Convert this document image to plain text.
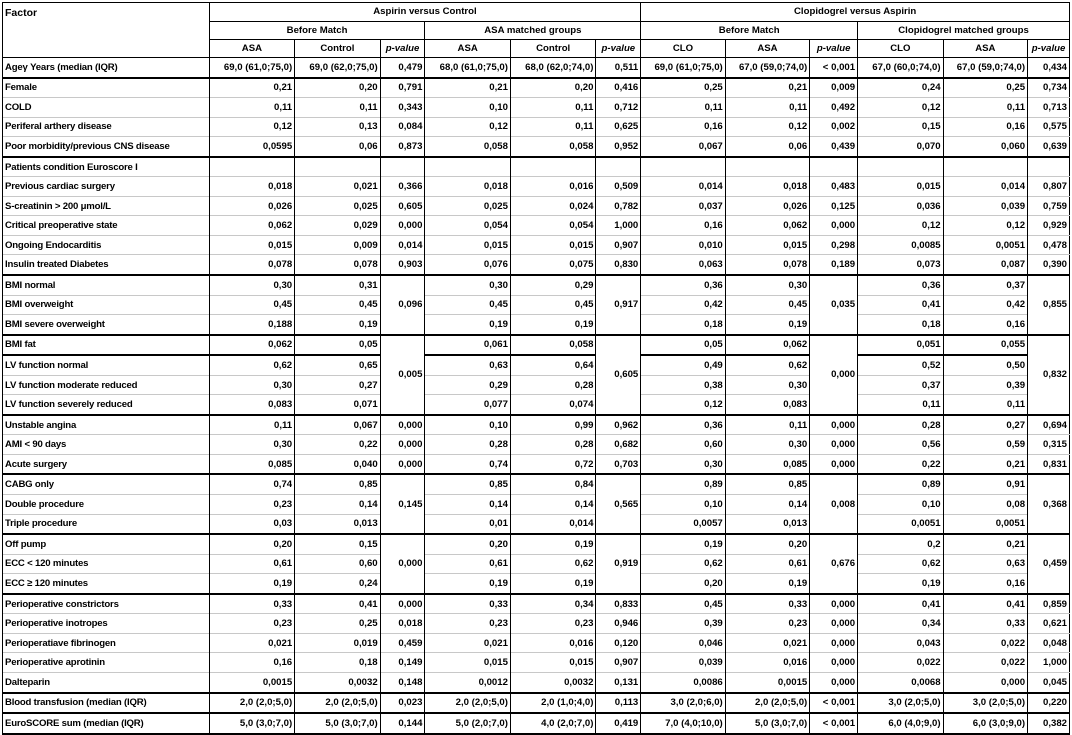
Factor	Aspirin versus Control						Clopidogrel versus Aspirin					
	Before Match			ASA matched groups			Before Match			Clopidogrel matched groups		
	ASA	Control	p-value	ASA	Control	p-value	CLO	ASA	p-value	CLO	ASA	p-value
Ageγ Years (median (IQR)	69,0 (61,0;75,0)	69,0 (62,0;75,0)	0,479	68,0 (61,0;75,0)	68,0 (62,0;74,0)	0,511	69,0 (61,0;75,0)	67,0 (59,0;74,0)	< 0,001	67,0 (60,0;74,0)	67,0 (59,0;74,0)	0,434
Female	0,21	0,20	0,791	0,21	0,20	0,416	0,25	0,21	0,009	0,24	0,25	0,734
COLD	0,11	0,11	0,343	0,10	0,11	0,712	0,11	0,11	0,492	0,12	0,11	0,713
Periferal arthery disease	0,12	0,13	0,084	0,12	0,11	0,625	0,16	0,12	0,002	0,15	0,16	0,575
Poor morbidity/previous CNS disease	0,0595	0,06	0,873	0,058	0,058	0,952	0,067	0,06	0,439	0,070	0,060	0,639
Patients condition Euroscore I												
Previous cardiac surgery	0,018	0,021	0,366	0,018	0,016	0,509	0,014	0,018	0,483	0,015	0,014	0,807
S-creatinin > 200 μmol/L	0,026	0,025	0,605	0,025	0,024	0,782	0,037	0,026	0,125	0,036	0,039	0,759
Critical preoperative state	0,062	0,029	0,000	0,054	0,054	1,000	0,16	0,062	0,000	0,12	0,12	0,929
Ongoing Endocarditis	0,015	0,009	0,014	0,015	0,015	0,907	0,010	0,015	0,298	0,0085	0,0051	0,478
Insulin treated Diabetes	0,078	0,078	0,903	0,076	0,075	0,830	0,063	0,078	0,189	0,073	0,087	0,390
BMI normal	0,30	0,31	0,096	0,30	0,29	0,917	0,36	0,30	0,035	0,36	0,37	0,855
BMI overweight	0,45	0,45		0,45	0,45		0,42	0,45		0,41	0,42	
BMI severe overweight	0,188	0,19		0,19	0,19		0,18	0,19		0,18	0,16	
BMI fat	0,062	0,05	0,005	0,061	0,058	0,605	0,05	0,062	0,000	0,051	0,055	0,832
LV function normal	0,62	0,65		0,63	0,64		0,49	0,62		0,52	0,50	
LV function moderate reduced	0,30	0,27		0,29	0,28		0,38	0,30		0,37	0,39	
LV function severely reduced	0,083	0,071		0,077	0,074		0,12	0,083		0,11	0,11	
Unstable angina	0,11	0,067	0,000	0,10	0,99	0,962	0,36	0,11	0,000	0,28	0,27	0,694
AMI < 90 days	0,30	0,22	0,000	0,28	0,28	0,682	0,60	0,30	0,000	0,56	0,59	0,315
Acute surgery	0,085	0,040	0,000	0,74	0,72	0,703	0,30	0,085	0,000	0,22	0,21	0,831
CABG only	0,74	0,85	0,145	0,85	0,84	0,565	0,89	0,85	0,008	0,89	0,91	0,368
Double procedure	0,23	0,14		0,14	0,14		0,10	0,14		0,10	0,08	
Triple procedure	0,03	0,013		0,01	0,014		0,0057	0,013		0,0051	0,0051	
Off pump	0,20	0,15	0,000	0,20	0,19	0,919	0,19	0,20	0,676	0,2	0,21	0,459
ECC < 120 minutes	0,61	0,60		0,61	0,62		0,62	0,61		0,62	0,63	
ECC ≥ 120 minutes	0,19	0,24		0,19	0,19		0,20	0,19		0,19	0,16	
Perioperative constrictors	0,33	0,41	0,000	0,33	0,34	0,833	0,45	0,33	0,000	0,41	0,41	0,859
Perioperative inotropes	0,23	0,25	0,018	0,23	0,23	0,946	0,39	0,23	0,000	0,34	0,33	0,621
Perioperatiave fibrinogen	0,021	0,019	0,459	0,021	0,016	0,120	0,046	0,021	0,000	0,043	0,022	0,048
Perioperative aprotinin	0,16	0,18	0,149	0,015	0,015	0,907	0,039	0,016	0,000	0,022	0,022	1,000
Dalteparin	0,0015	0,0032	0,148	0,0012	0,0032	0,131	0,0086	0,0015	0,000	0,0068	0,000	0,045
Blood transfusion (median (IQR)	2,0 (2,0;5,0)	2,0 (2,0;5,0)	0,023	2,0 (2,0;5,0)	2,0 (1,0;4,0)	0,113	3,0 (2,0;6,0)	2,0 (2,0;5,0)	< 0,001	3,0 (2,0;5,0)	3,0 (2,0;5,0)	0,220
EuroSCORE sum (median (IQR)	5,0 (3,0;7,0)	5,0 (3,0;7,0)	0,144	5,0 (2,0;7,0)	4,0 (2,0;7,0)	0,419	7,0 (4,0;10,0)	5,0 (3,0;7,0)	< 0,001	6,0 (4,0;9,0)	6,0 (3,0;9,0)	0,382
